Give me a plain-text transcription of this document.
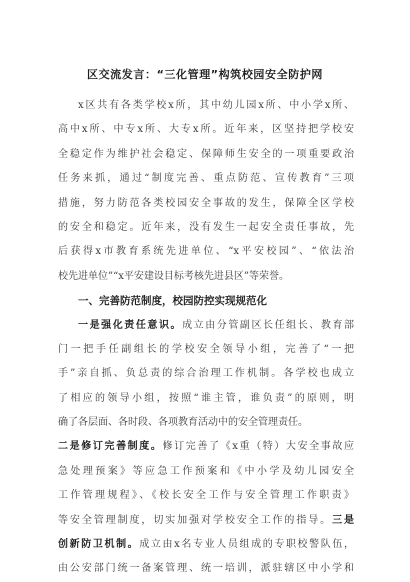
区交流发言：“三化管理”构筑校园安全防护网
x区共有各类学校x所，其中幼儿园x所、中小学x所、
高中x所、中专x所、大专x所。近年来，区坚持把学校安
全稳定作为维护社会稳定、保障师生安全的一项重要政治
任务来抓，通过“制度完善、重点防范、宣传教育”三项
措施，努力防范各类校园安全事故的发生，保障全区学校
的安全和稳定。近年来，没有发生一起安全责任事故，先
后获得x市教育系统先进单位、“x平安校园”、“依法治
校先进单位”“x平安建设目标考核先进县区”等荣誉。
一、完善防范制度，校园防控实现规范化
一是强化责任意识。成立由分管副区长任组长、教育部
门一把手任副组长的学校安全领导小组，完善了“一把
手”亲自抓、负总责的综合治理工作机制。各学校也成立
了相应的领导小组，按照“谁主管，谁负责”的原则，明
确了各层面、各时段、各项教育活动中的安全管理责任。
二是修订完善制度。修订完善了《x重（特）大安全事故应
急处理预案》等应急工作预案和《中小学及幼儿园安全
工作管理规程》、《校长安全工作与安全管理工作职责》
等安全管理制度，切实加强对学校安全工作的指导。三是
创新防卫机制。成立由x名专业人员组成的专职校警队伍，
由公安部门统一备案管理、统一培训，派驻辖区中小学和
